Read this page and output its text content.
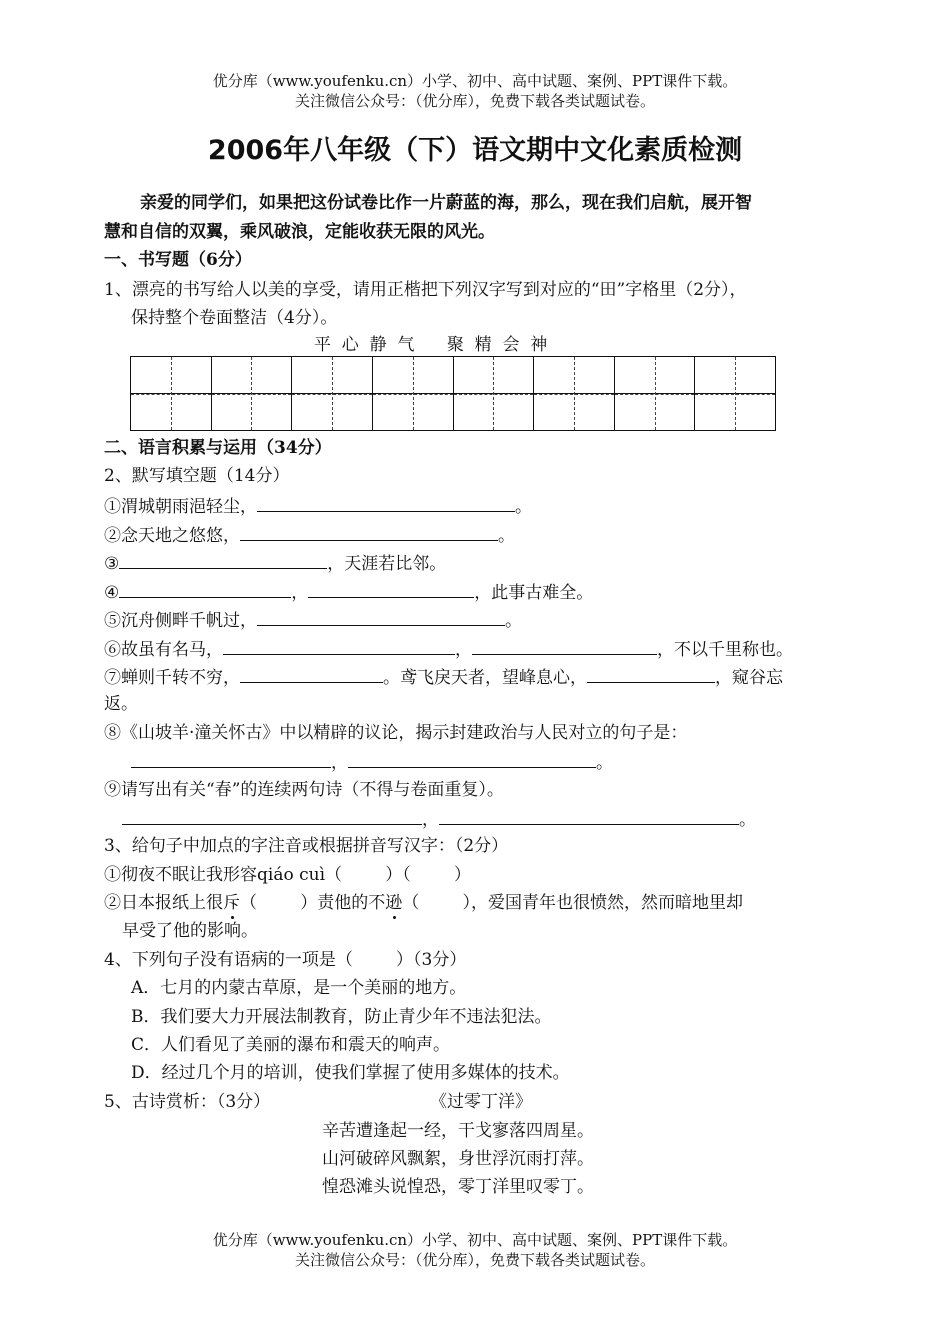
优分库（www.youfenku.cn）小学、初中、高中试题、案例、PPT课件下载。
关注微信公众号：（优分库），免费下载各类试题试卷。
2006年八年级（下）语文期中文化素质检测
亲爱的同学们，如果把这份试卷比作一片蔚蓝的海，那么，现在我们启航，展开智
慧和自信的双翼，乘风破浪，定能收获无限的风光。
一、书写题（6分）
1、漂亮的书写给人以美的享受，请用正楷把下列汉字写到对应的“田”字格里（2分），
保持整个卷面整洁（4分）。
平  心  静  气      聚  精  会  神
二、语言积累与运用（34分）
2、默写填空题（14分）
①渭城朝雨浥轻尘，	。
②念天地之悠悠，	。
③	，天涯若比邻。
④	，	，此事古难全。
⑤沉舟侧畔千帆过，	。
⑥故虽有名马，	，	，不以千里称也。
⑦蝉则千转不穷，	。鸢飞戾天者，望峰息心，	，窥谷忘
返。
⑧《山坡羊·潼关怀古》中以精辟的议论，揭示封建政治与人民对立的句子是：
，	。
⑨请写出有关“春”的连续两句诗（不得与卷面重复）。
，	。
3、给句子中加点的字注音或根据拼音写汉字：（2分）
①彻夜不眠让我形容qiáo cuì（        ）（        ）
②日本报纸上很斥（        ）责他的不逊（        ），爱国青年也很愤然，然而暗地里却
早受了他的影响。
4、下列句子没有语病的一项是（        ）（3分）
A．七月的内蒙古草原，是一个美丽的地方。
B．我们要大力开展法制教育，防止青少年不违法犯法。
C．人们看见了美丽的瀑布和震天的响声。
D．经过几个月的培训，使我们掌握了使用多媒体的技术。
5、古诗赏析：（3分）	《过零丁洋》
辛苦遭逢起一经，干戈寥落四周星。
山河破碎风飘絮，身世浮沉雨打萍。
惶恐滩头说惶恐，零丁洋里叹零丁。
优分库（www.youfenku.cn）小学、初中、高中试题、案例、PPT课件下载。
关注微信公众号：（优分库），免费下载各类试题试卷。
